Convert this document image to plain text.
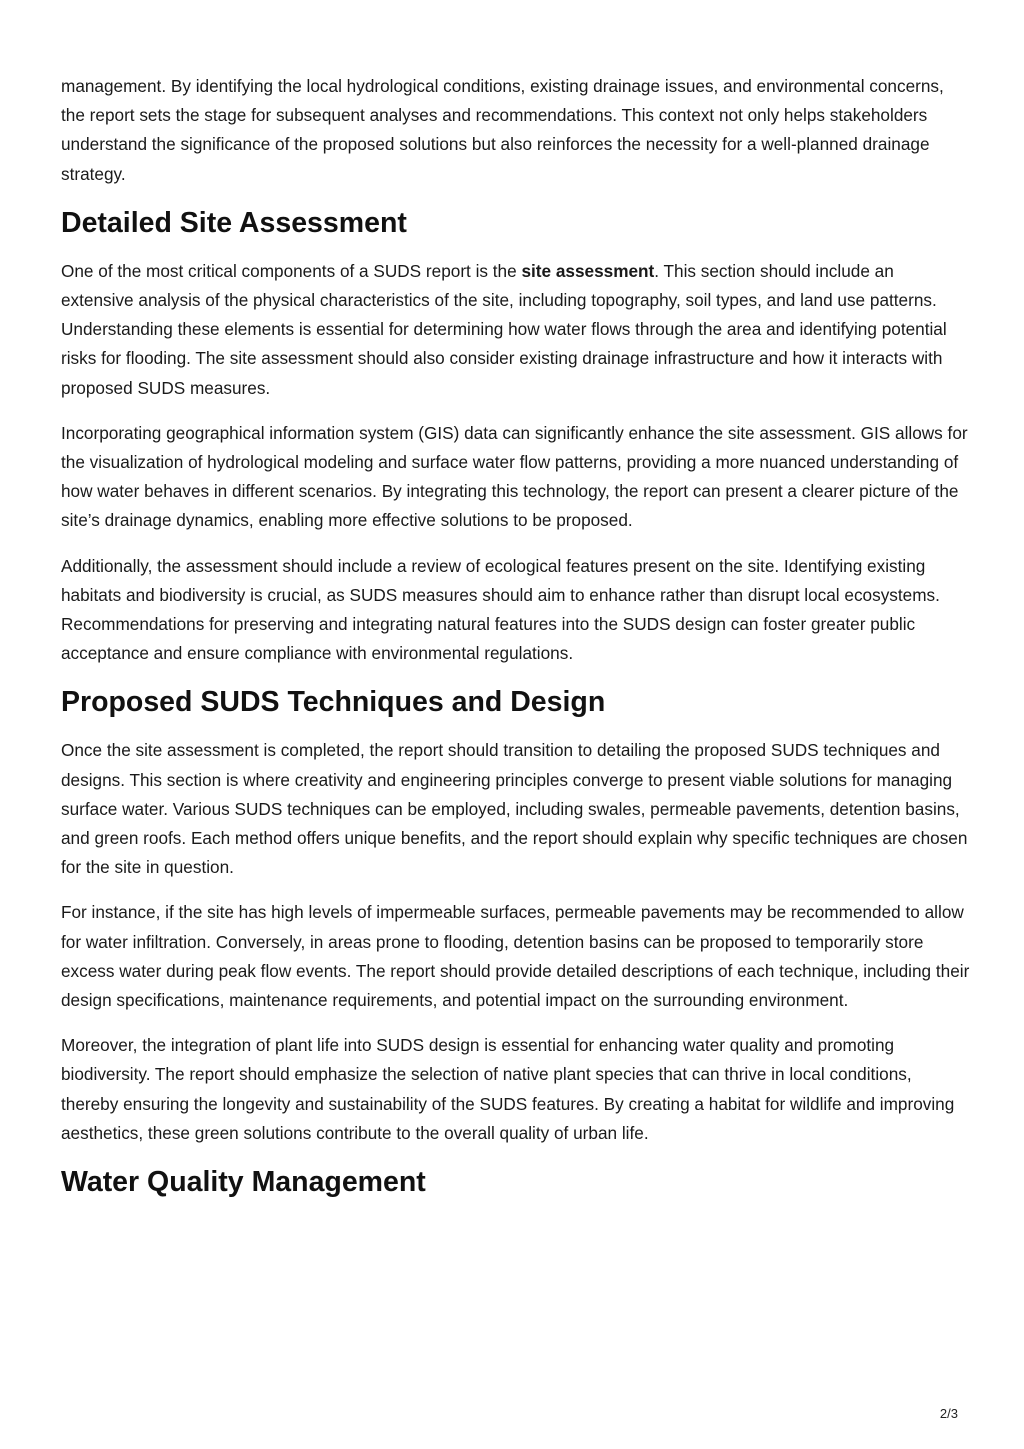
management. By identifying the local hydrological conditions, existing drainage issues, and environmental concerns, the report sets the stage for subsequent analyses and recommendations. This context not only helps stakeholders understand the significance of the proposed solutions but also reinforces the necessity for a well-planned drainage strategy.

Detailed Site Assessment

One of the most critical components of a SUDS report is the site assessment. This section should include an extensive analysis of the physical characteristics of the site, including topography, soil types, and land use patterns. Understanding these elements is essential for determining how water flows through the area and identifying potential risks for flooding. The site assessment should also consider existing drainage infrastructure and how it interacts with proposed SUDS measures.

Incorporating geographical information system (GIS) data can significantly enhance the site assessment. GIS allows for the visualization of hydrological modeling and surface water flow patterns, providing a more nuanced understanding of how water behaves in different scenarios. By integrating this technology, the report can present a clearer picture of the site’s drainage dynamics, enabling more effective solutions to be proposed.

Additionally, the assessment should include a review of ecological features present on the site. Identifying existing habitats and biodiversity is crucial, as SUDS measures should aim to enhance rather than disrupt local ecosystems. Recommendations for preserving and integrating natural features into the SUDS design can foster greater public acceptance and ensure compliance with environmental regulations.

Proposed SUDS Techniques and Design

Once the site assessment is completed, the report should transition to detailing the proposed SUDS techniques and designs. This section is where creativity and engineering principles converge to present viable solutions for managing surface water. Various SUDS techniques can be employed, including swales, permeable pavements, detention basins, and green roofs. Each method offers unique benefits, and the report should explain why specific techniques are chosen for the site in question.

For instance, if the site has high levels of impermeable surfaces, permeable pavements may be recommended to allow for water infiltration. Conversely, in areas prone to flooding, detention basins can be proposed to temporarily store excess water during peak flow events. The report should provide detailed descriptions of each technique, including their design specifications, maintenance requirements, and potential impact on the surrounding environment.

Moreover, the integration of plant life into SUDS design is essential for enhancing water quality and promoting biodiversity. The report should emphasize the selection of native plant species that can thrive in local conditions, thereby ensuring the longevity and sustainability of the SUDS features. By creating a habitat for wildlife and improving aesthetics, these green solutions contribute to the overall quality of urban life.

Water Quality Management
2/3
